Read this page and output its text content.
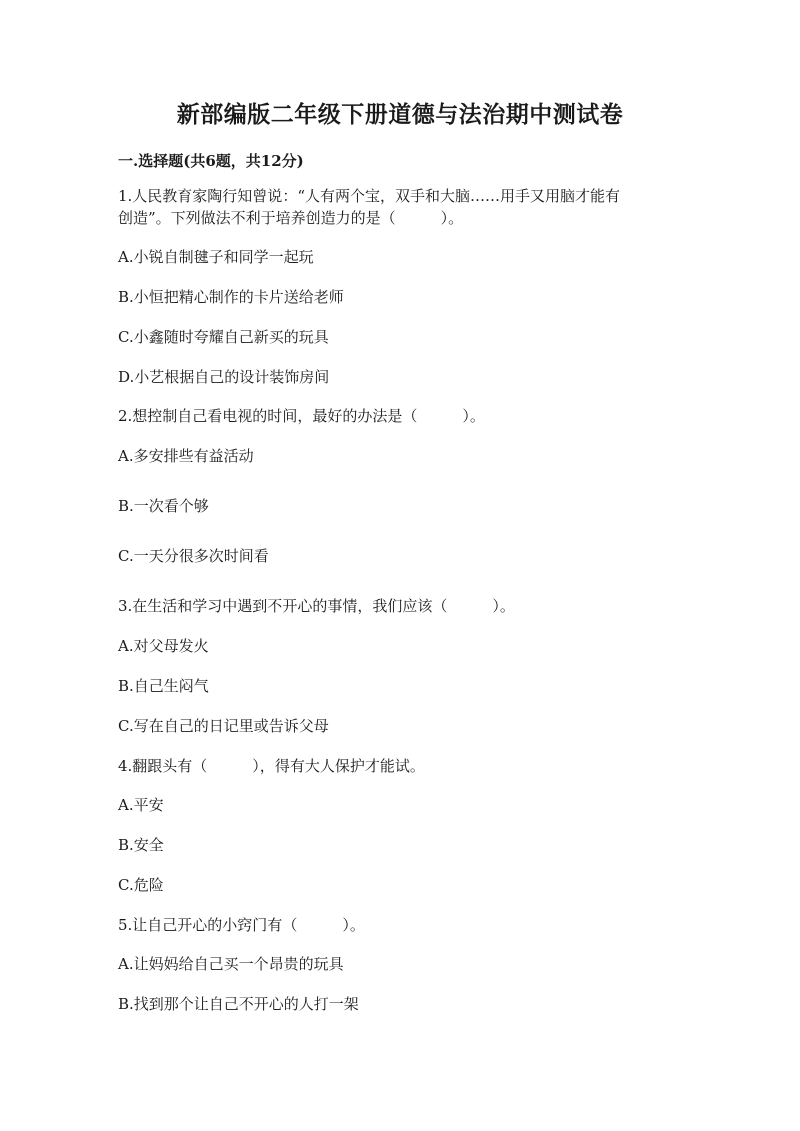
新部编版二年级下册道德与法治期中测试卷
一.选择题(共6题，共12分)
1.人民教育家陶行知曾说：“人有两个宝，双手和大脑……用手又用脑才能有
创造”。下列做法不利于培养创造力的是（　　　）。
A.小锐自制毽子和同学一起玩
B.小恒把精心制作的卡片送给老师
C.小鑫随时夸耀自己新买的玩具
D.小艺根据自己的设计装饰房间
2.想控制自己看电视的时间，最好的办法是（　　　）。
A.多安排些有益活动
B.一次看个够
C.一天分很多次时间看
3.在生活和学习中遇到不开心的事情，我们应该（　　　）。
A.对父母发火
B.自己生闷气
C.写在自己的日记里或告诉父母
4.翻跟头有（　　　），得有大人保护才能试。
A.平安
B.安全
C.危险
5.让自己开心的小窍门有（　　　）。
A.让妈妈给自己买一个昂贵的玩具
B.找到那个让自己不开心的人打一架
